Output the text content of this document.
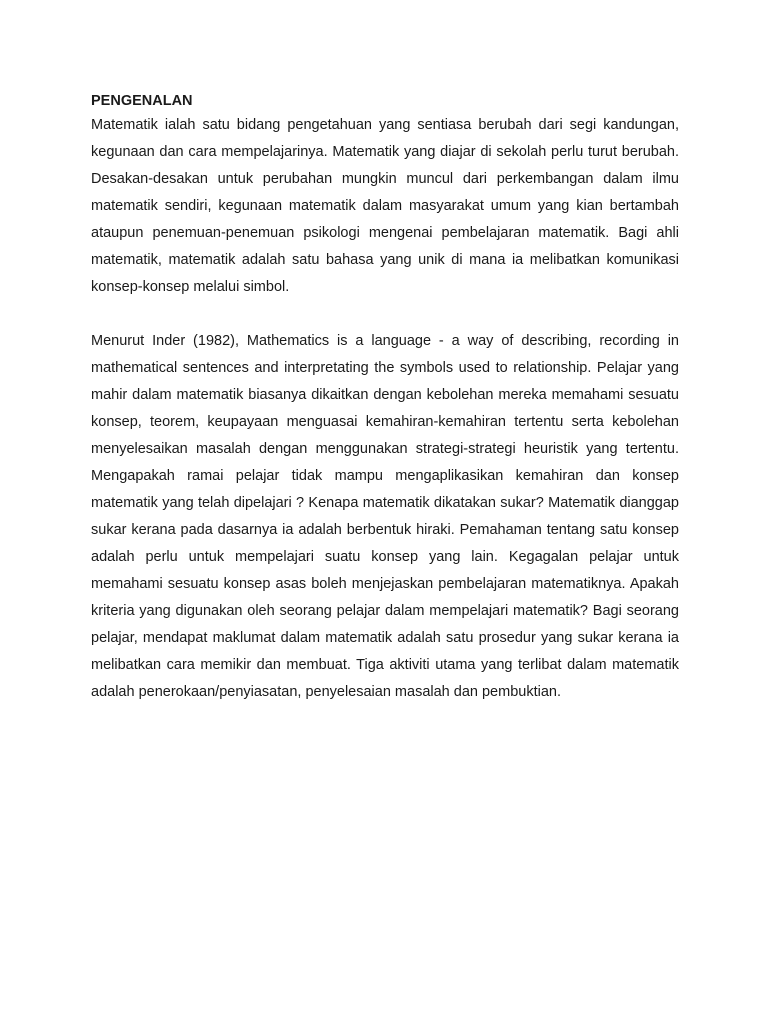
PENGENALAN

Matematik ialah satu bidang pengetahuan yang sentiasa berubah dari segi kandungan, kegunaan dan cara mempelajarinya. Matematik yang diajar di sekolah perlu turut berubah. Desakan-desakan untuk perubahan mungkin muncul dari perkembangan dalam ilmu matematik sendiri, kegunaan matematik dalam masyarakat umum yang kian bertambah ataupun penemuan-penemuan psikologi mengenai pembelajaran matematik. Bagi ahli matematik, matematik adalah satu bahasa yang unik di mana ia melibatkan komunikasi konsep-konsep melalui simbol.

Menurut Inder (1982), Mathematics is a language - a way of describing, recording in mathematical sentences and interpretating the symbols used to relationship. Pelajar yang mahir dalam matematik biasanya dikaitkan dengan kebolehan mereka memahami sesuatu konsep, teorem, keupayaan menguasai kemahiran-kemahiran tertentu serta kebolehan menyelesaikan masalah dengan menggunakan strategi-strategi heuristik yang tertentu. Mengapakah ramai pelajar tidak mampu mengaplikasikan kemahiran dan konsep matematik yang telah dipelajari ? Kenapa matematik dikatakan sukar? Matematik dianggap sukar kerana pada dasarnya ia adalah berbentuk hiraki. Pemahaman tentang satu konsep adalah perlu untuk mempelajari suatu konsep yang lain. Kegagalan pelajar untuk memahami sesuatu konsep asas boleh menjejaskan pembelajaran matematiknya. Apakah kriteria yang digunakan oleh seorang pelajar dalam mempelajari matematik? Bagi seorang pelajar, mendapat maklumat dalam matematik adalah satu prosedur yang sukar kerana ia melibatkan cara memikir dan membuat. Tiga aktiviti utama yang terlibat dalam matematik adalah penerokaan/penyiasatan, penyelesaian masalah dan pembuktian.
